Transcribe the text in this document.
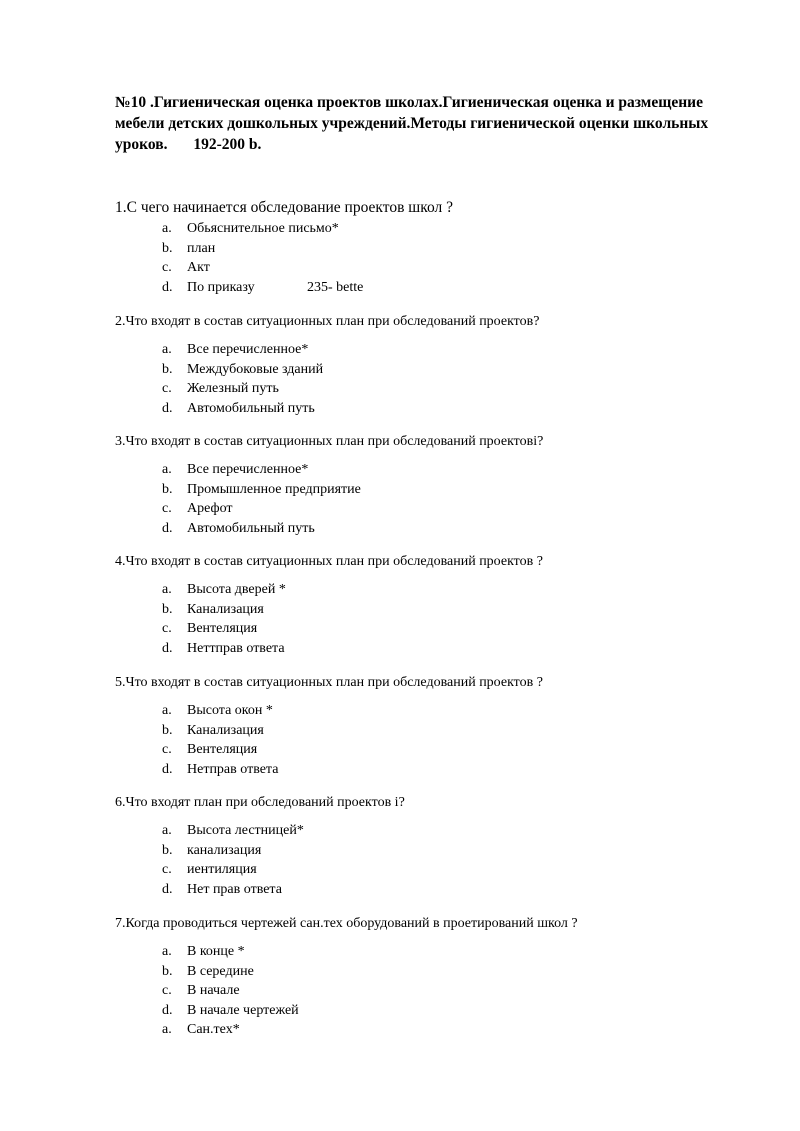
№10 .Гигиеническая оценка проектов школах.Гигиеническая оценка и размещение мебели детских дошкольных учреждений.Методы гигиенической оценки школьных уроков. 192-200 b.
1.С чего начинается обследование проектов школ ?
a. Обьяснительное письмо*
b. план
c. Акт
d. По приказу	235- bette
2.Что входят в состав ситуационных план при обследований проектов?
a. Все перечисленное*
b. Междубоковые зданий
c. Железный путь
d. Автомобильный путь
3.Что входят в состав ситуационных план при обследований проектовi?
a. Все перечисленное*
b. Промышленное предприятие
c. Арефот
d. Автомобильный путь
4.Что входят в состав ситуационных план при обследований проектов ?
a. Высота дверей *
b. Канализация
c. Вентеляция
d. Неттправ ответа
5.Что входят в состав ситуационных план при обследований проектов ?
a. Высота окон *
b. Канализация
c. Вентеляция
d. Нетправ ответа
6.Что входят план при обследований проектов і?
a. Высота лестницей*
b. канализация
c. иентиляция
d. Нет прав ответа
7.Когда проводиться чертежей сан.тех оборудований в проетирований школ ?
a. В конце *
b. В середине
c. В начале
d. В начале чертежей
a. Сан.тех*
